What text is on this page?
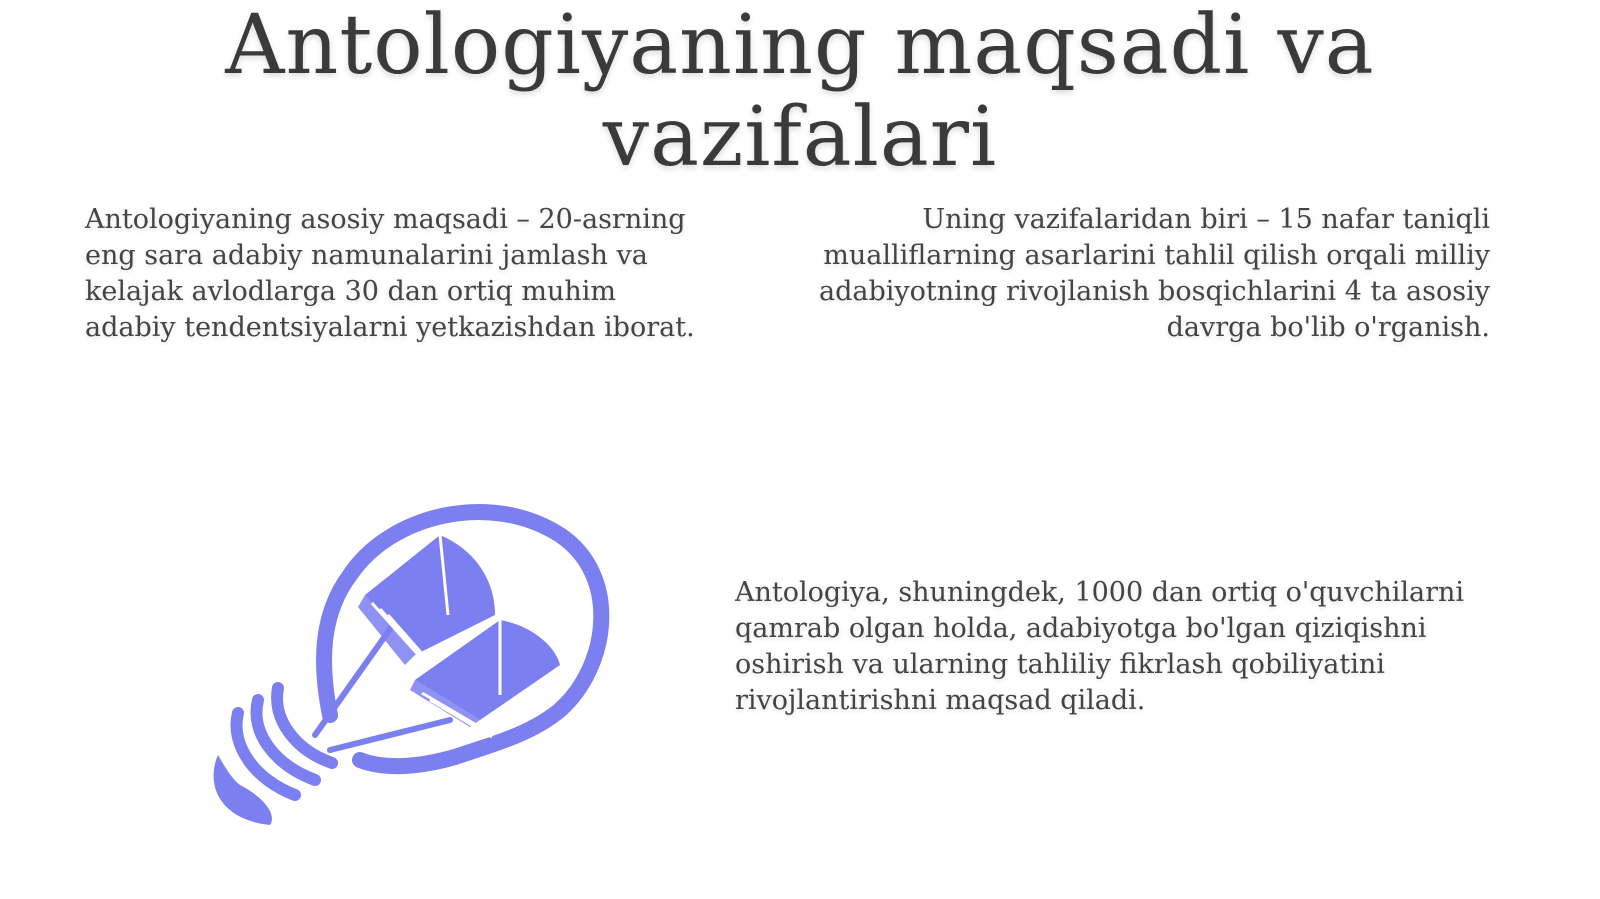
Antologiyaning maqsadi va vazifalari

Antologiyaning asosiy maqsadi – 20-asrning eng sara adabiy namunalarini jamlash va kelajak avlodlarga 30 dan ortiq muhim adabiy tendentsiyalarni yetkazishdan iborat.

Uning vazifalaridan biri – 15 nafar taniqli mualliflarning asarlarini tahlil qilish orqali milliy adabiyotning rivojlanish bosqichlarini 4 ta asosiy davrga bo'lib o'rganish.

Antologiya, shuningdek, 1000 dan ortiq o'quvchilarni qamrab olgan holda, adabiyotga bo'lgan qiziqishni oshirish va ularning tahliliy fikrlash qobiliyatini rivojlantirishni maqsad qiladi.
